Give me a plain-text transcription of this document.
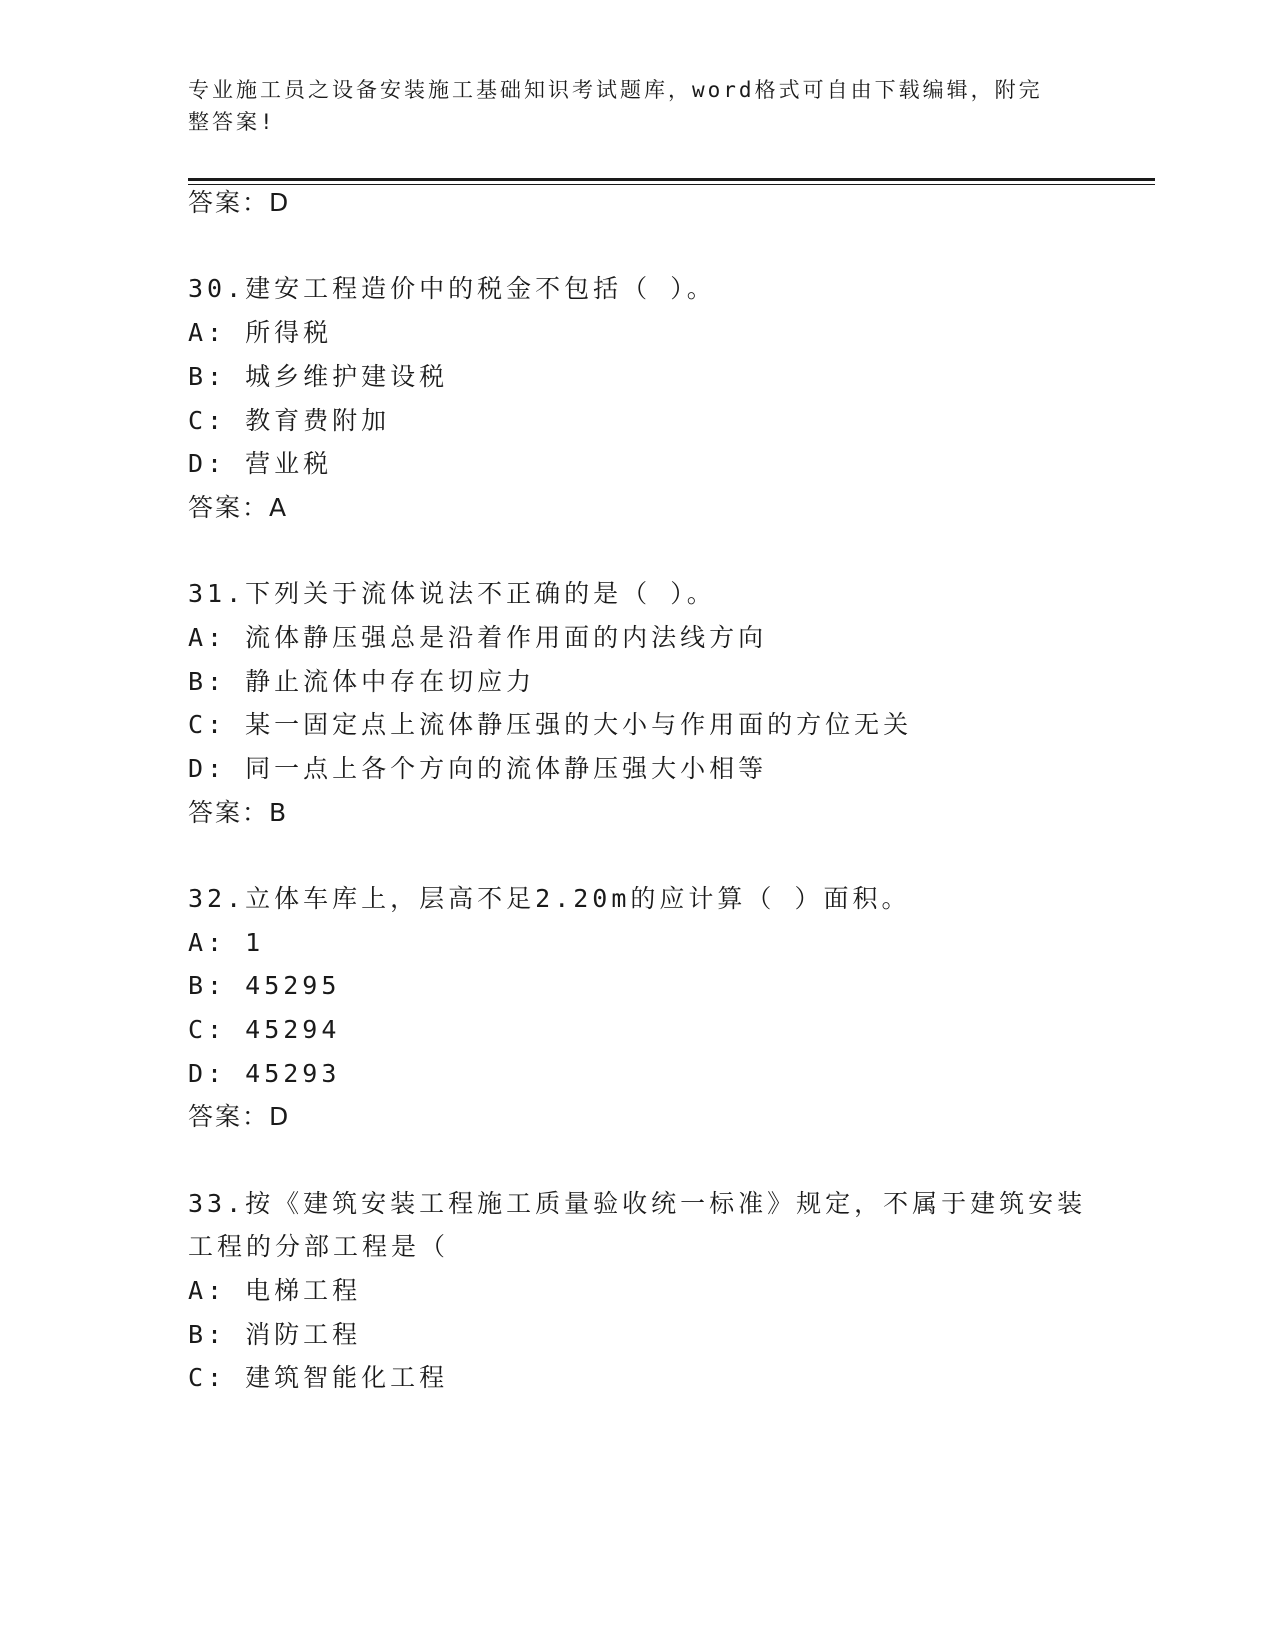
专业施工员之设备安装施工基础知识考试题库，word格式可自由下载编辑，附完
整答案!
答案：D
30.建安工程造价中的税金不包括（ ）。
A: 所得税
B: 城乡维护建设税
C: 教育费附加
D: 营业税
答案：A
31.下列关于流体说法不正确的是（ ）。
A: 流体静压强总是沿着作用面的内法线方向
B: 静止流体中存在切应力
C: 某一固定点上流体静压强的大小与作用面的方位无关
D: 同一点上各个方向的流体静压强大小相等
答案：B
32.立体车库上，层高不足2.20m的应计算（ ）面积。
A: 1
B: 45295
C: 45294
D: 45293
答案：D
33.按《建筑安装工程施工质量验收统一标准》规定，不属于建筑安装
工程的分部工程是（
A: 电梯工程
B: 消防工程
C: 建筑智能化工程
